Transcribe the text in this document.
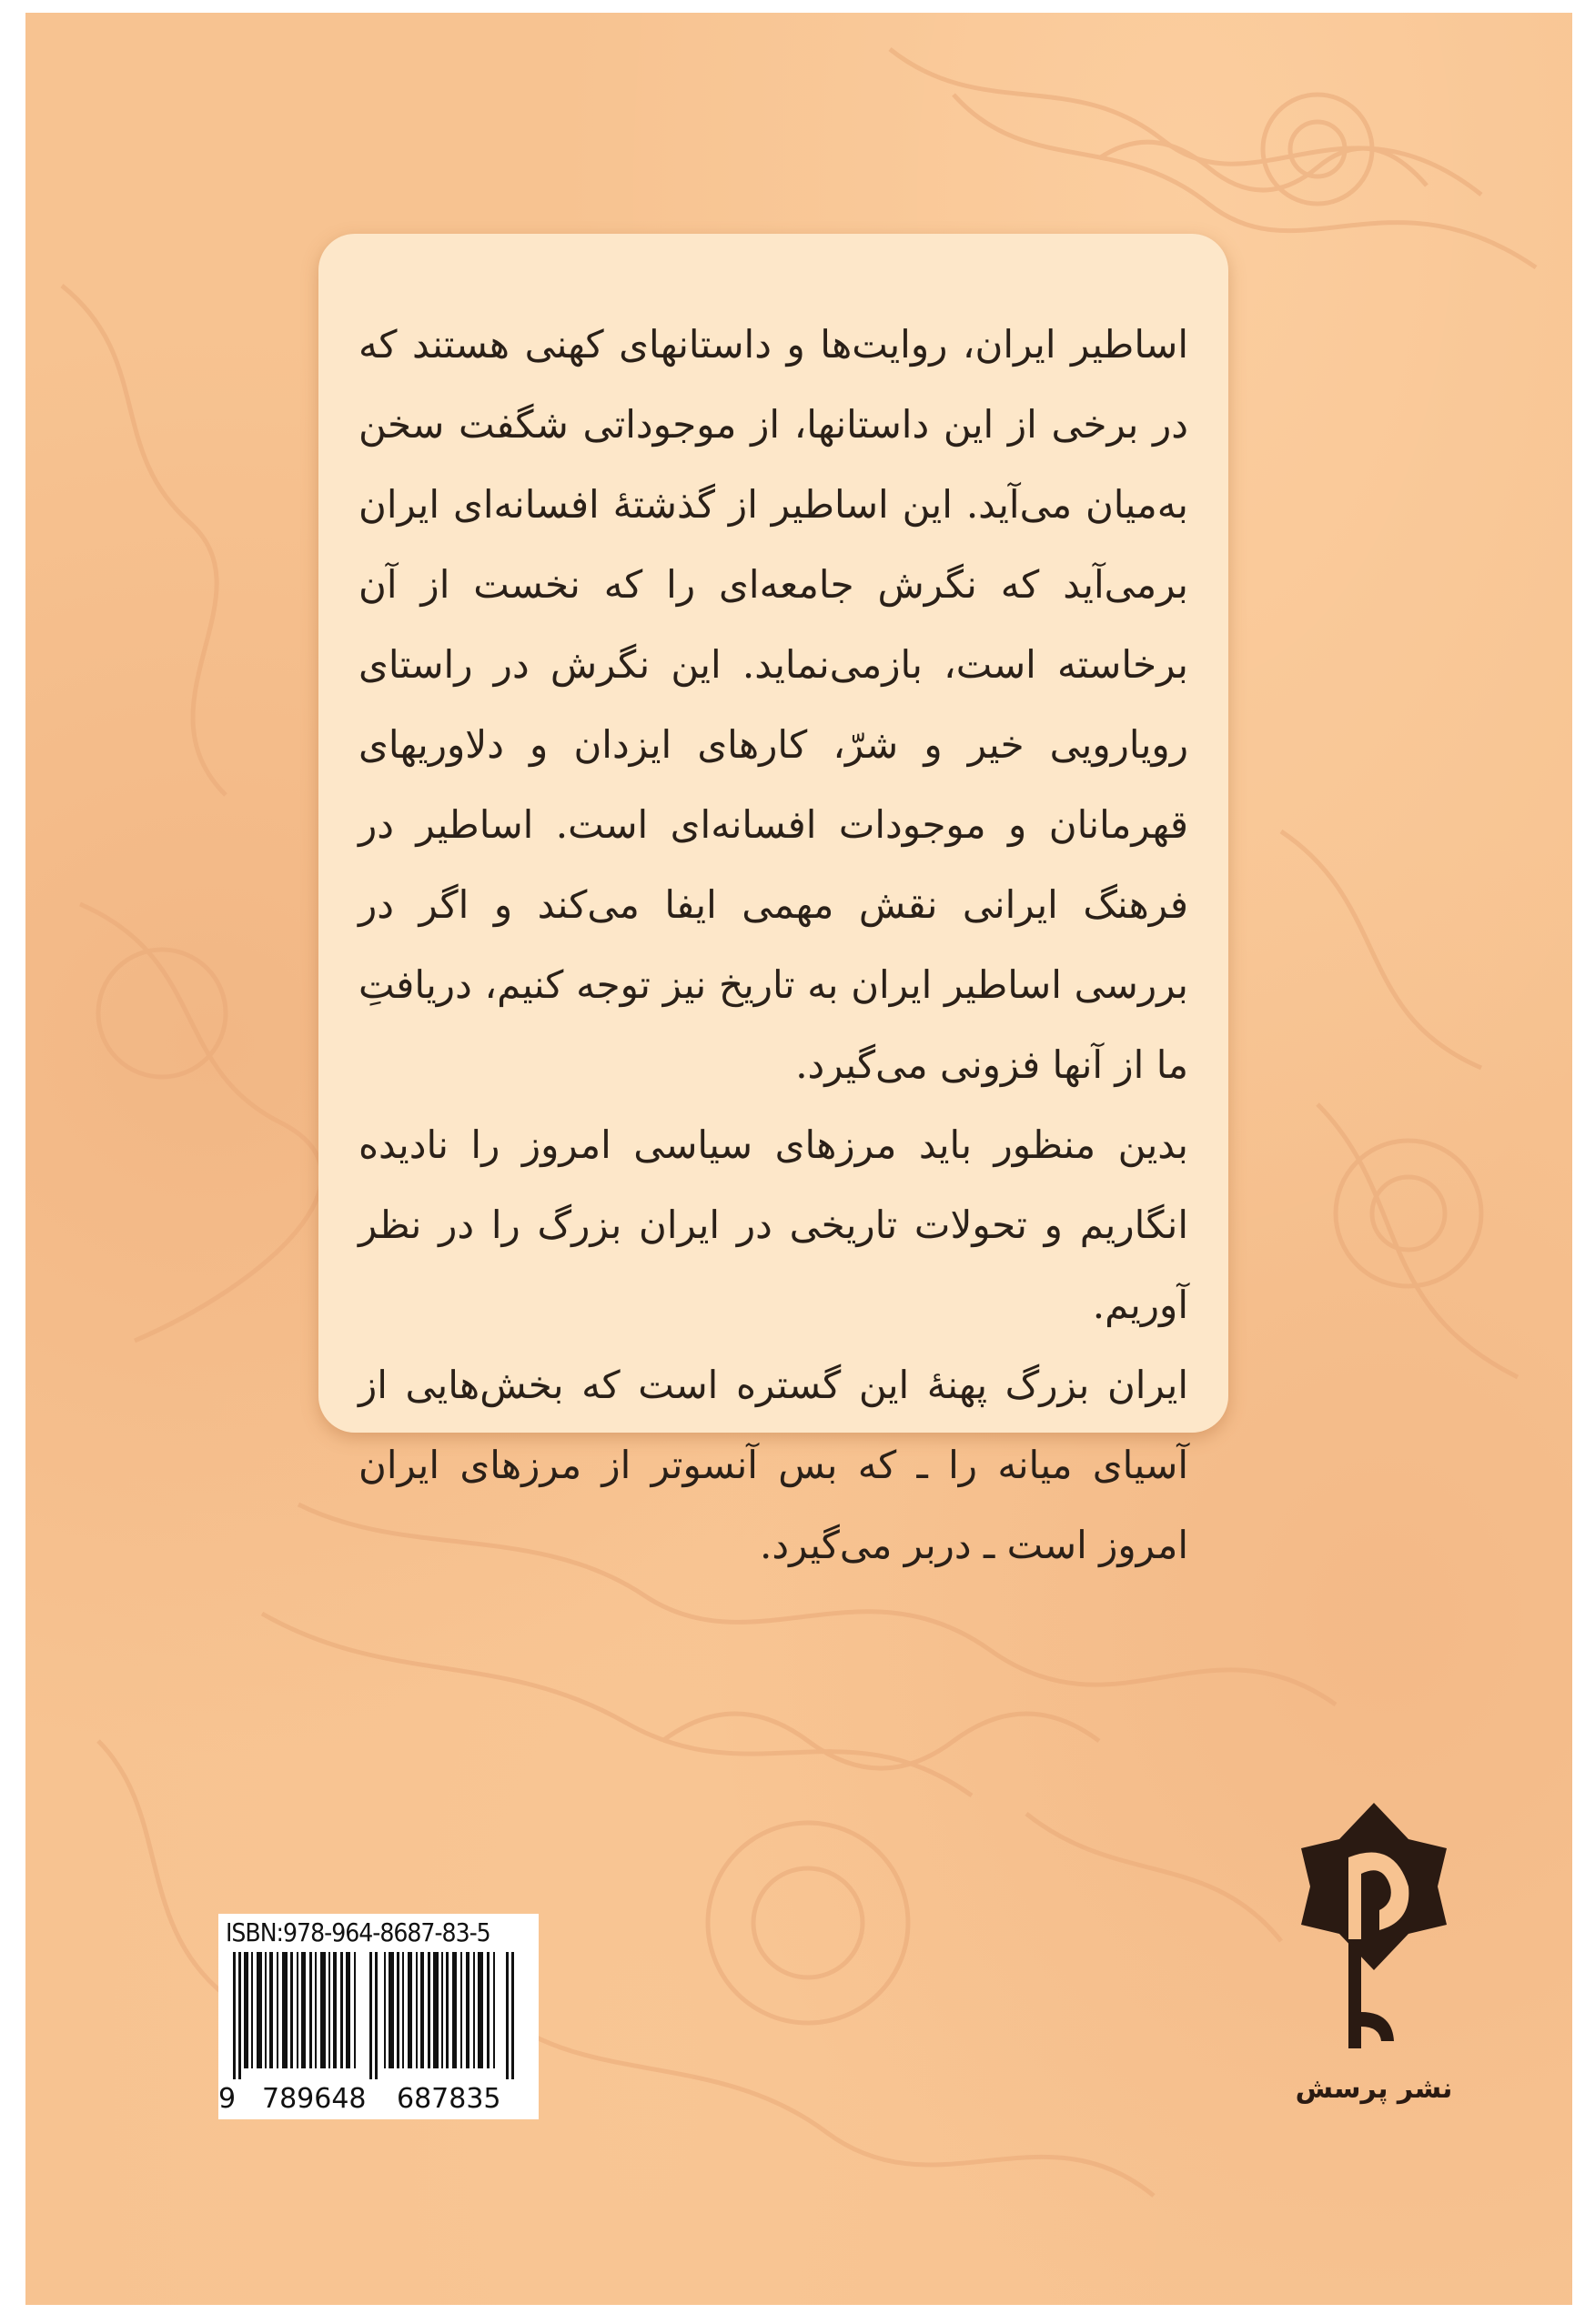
اساطیر ایران، روایت‌ها و داستانهای کهنی هستند که در برخی از این داستانها، از موجوداتی شگفت سخن به‌میان می‌آید. این اساطیر از گذشتهٔ افسانه‌ای ایران برمی‌آید که نگرش جامعه‌ای را که نخست از آن برخاسته است، بازمی‌نماید. این نگرش در راستای رویارویی خیر و شرّ، کارهای ایزدان و دلاوریهای قهرمانان و موجودات افسانه‌ای است. اساطیر در فرهنگ ایرانی نقش مهمی ایفا می‌کند و اگر در بررسی اساطیر ایران به تاریخ نیز توجه کنیم، دریافتِ ما از آنها فزونی می‌گیرد.

بدین منظور باید مرزهای سیاسی امروز را نادیده انگاریم و تحولات تاریخی در ایران بزرگ را در نظر آوریم.

ایران بزرگ پهنهٔ این گستره است که بخش‌هایی از آسیای میانه را ـ که بس آنسوتر از مرزهای ایران امروز است ـ دربر می‌گیرد.

ISBN:978-964-8687-83-5
9 789648 687835	نشر پرسش
